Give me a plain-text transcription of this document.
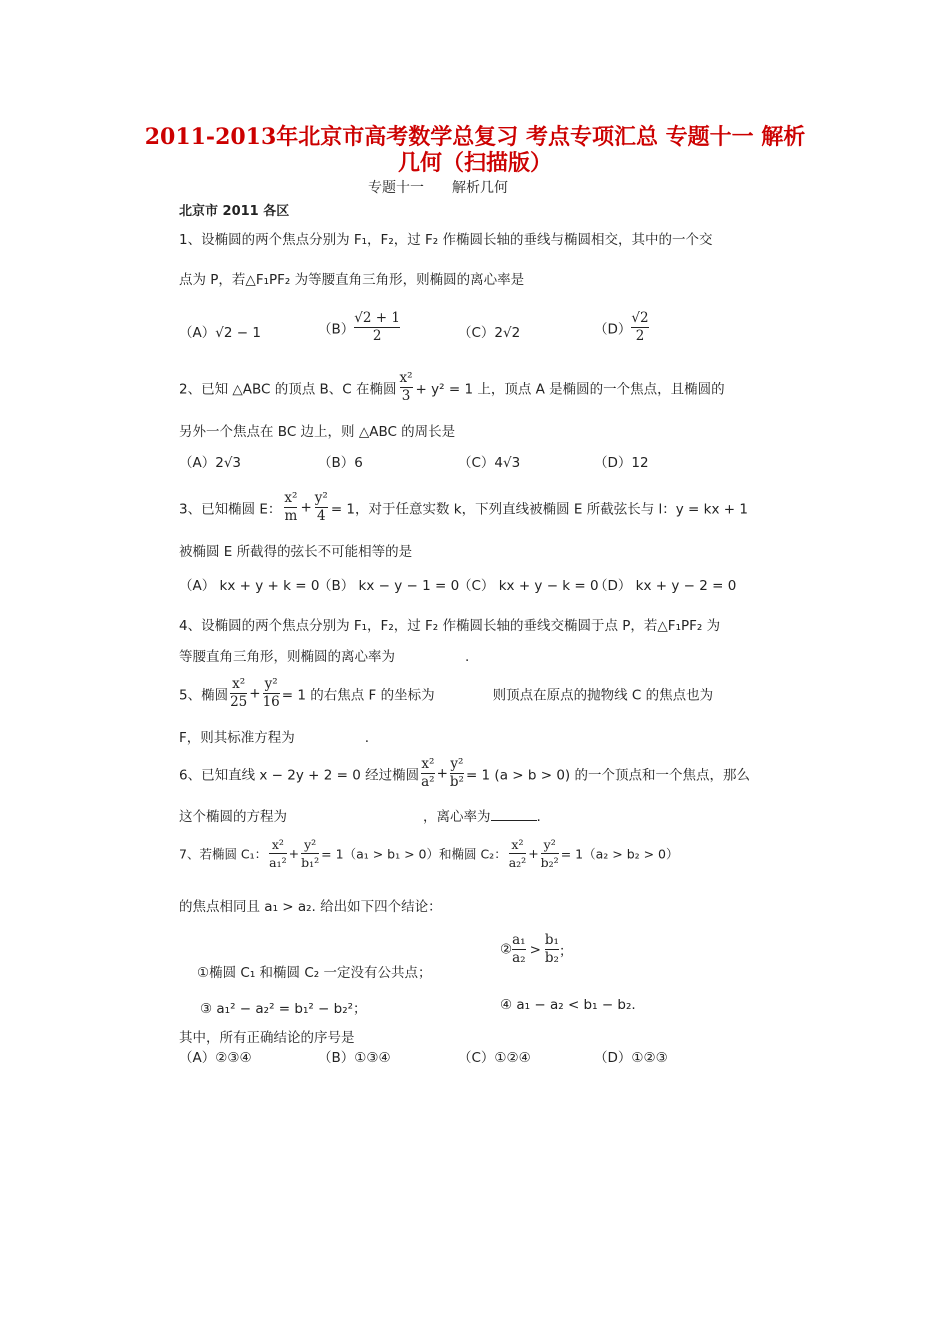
2011-2013年北京市高考数学总复习 考点专项汇总 专题十一 解析
几何（扫描版）
专题十一　　解析几何
北京市 2011 各区
1、设椭圆的两个焦点分别为 F₁，F₂，过 F₂ 作椭圆长轴的垂线与椭圆相交，其中的一个交
点为 P，若△F₁PF₂ 为等腰直角三角形，则椭圆的离心率是
（A）√2 − 1	$(B) \frac{√2 + 1}{2}$	（C）2√2	$(D) \frac{√2}{2}$
2、已知 △ABC 的顶点 B、C 在椭圆 $\frac{\text{x²}}{3} + y^2 = 1$ 上，顶点 A 是椭圆的一个焦点，且椭圆的
另外一个焦点在 BC 边上，则 △ABC 的周长是
（A）2√3	（B）6	（C）4√3	（D）12
3、已知椭圆 E： $\frac{\text{x²}}{m} + \frac{\text{y²}}{4} = 1$，对于任意实数 k，下列直线被椭圆 E 所截弦长与 l：y = kx + 1
被椭圆 E 所截得的弦长不可能相等的是
（A） kx + y + k = 0
（B） kx − y − 1 = 0
（C） kx + y − k = 0
（D） kx + y − 2 = 0
4、设椭圆的两个焦点分别为 F₁，F₂，过 F₂ 作椭圆长轴的垂线交椭圆于点 P，若△F₁PF₂ 为
等腰直角三角形，则椭圆的离心率为	.
5、椭圆 $\frac{\text{x²}}{25} + \frac{\text{y²}}{16} = 1$ 的右焦点 F 的坐标为	则顶点在原点的抛物线 C 的焦点也为
F，则其标准方程为	.
6、已知直线 x − 2y + 2 = 0 经过椭圆 $\frac{\text{x²}}{\text{a²}} + \frac{\text{y²}}{\text{b²}} = 1$ (a > b > 0) 的一个顶点和一个焦点，那么
这个椭圆的方程为	，离心率为	.
7、若椭圆 C₁： $\frac{\text{x²}}{\text{a₁²}} + \frac{\text{y²}}{\text{b₁²}} = 1(a_1 > b_1 > 0)$和椭圆 C₂： $\frac{\text{x²}}{\text{a₂²}} + \frac{\text{y²}}{\text{b₂²}} = 1(a_2 > b_2 > 0)$
的焦点相同且 a₁ > a₂. 给出如下四个结论：
①椭圆 C₁ 和椭圆 C₂ 一定没有公共点；
② $\frac{\text{a₁}}{\text{a₂}} > \frac{\text{b₁}}{\text{b₂}}$ ；
③ a₁² − a₂² = b₁² − b₂²；	④ a₁ − a₂ < b₁ − b₂.
其中，所有正确结论的序号是
（A）②③④	（B）①③④	（C）①②④	（D）①②③
